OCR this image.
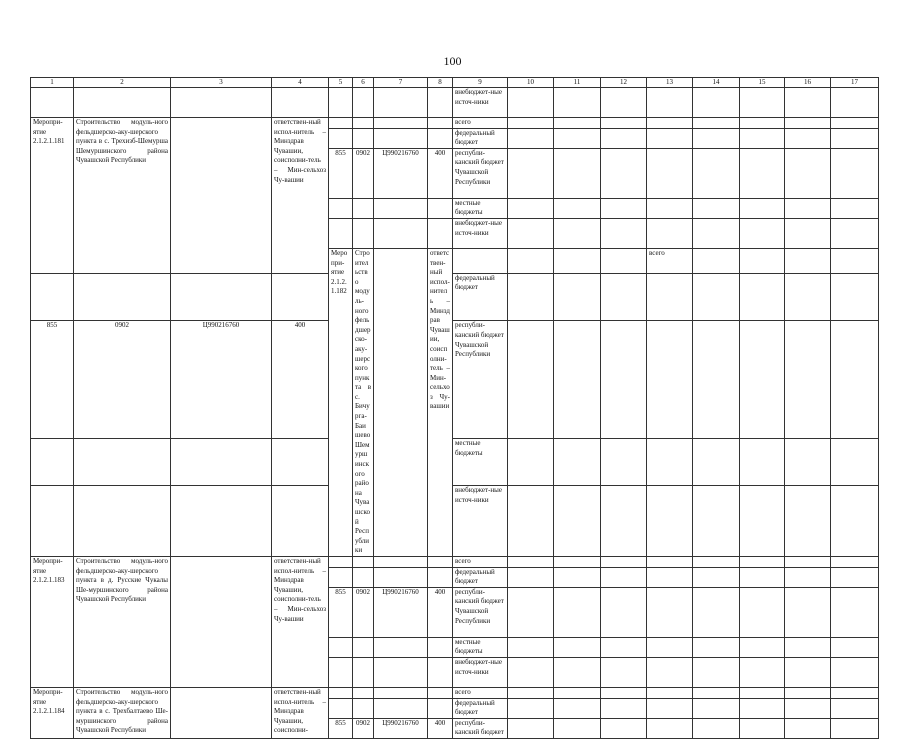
100
1	2	3	4	5	6	7	8	9	10	11	12	13	14	15	16	17	
								внебюджет-ные источ-ники									
Меропри-ятие 2.1.2.1.181	Строительство модуль-ного фельдшерско-аку-шерского пункта в с. Трехизб-Шемурша Шемуршинского района Чувашской Республики		ответствен-ный испол-нитель – Минздрав Чувашии, соисполни-тель – Мин-сельхоз Чу-вашии					всего									
								федеральный бюджет									
				855	0902	Ц990216760	400	республи-канский бюджет Чувашской Республики									
								местные бюджеты									
								внебюджет-ные источ-ники									
				Меропри-ятие 2.1.2.1.182	Строительство модуль-ного фельдшерско-аку-шерского пункта в с. Бичурга-Баишево Шемуршинского района Чувашской Республики		ответствен-ный испол-нитель – Минздрав Чувашии, соисполни-тель – Мин-сельхоз Чу-вашии					всего								
								федеральный бюджет									
855	0902	Ц990216760	400					республи-канский бюджет Чувашской Республики									
								местные бюджеты									
								внебюджет-ные источ-ники									
Меропри-ятие 2.1.2.1.183	Строительство модуль-ного фельдшерско-аку-шерского пункта в д. Русские Чукалы Ше-муршинского района Чувашской Республики		ответствен-ный испол-нитель – Минздрав Чувашии, соисполни-тель – Мин-сельхоз Чу-вашии					всего									
								федеральный бюджет									
				855	0902	Ц990216760	400	республи-канский бюджет Чувашской Республики									
								местные бюджеты									
								внебюджет-ные источ-ники									
Меропри-ятие 2.1.2.1.184	Строительство модуль-ного фельдшерско-аку-шерского пункта в с. Трехбалтаево Ше-муршинского района Чувашской Республики		ответствен-ный испол-нитель – Минздрав Чувашии, соисполни-					всего									
								федеральный бюджет									
				855	0902	Ц990216760	400	республи-канский бюджет									
